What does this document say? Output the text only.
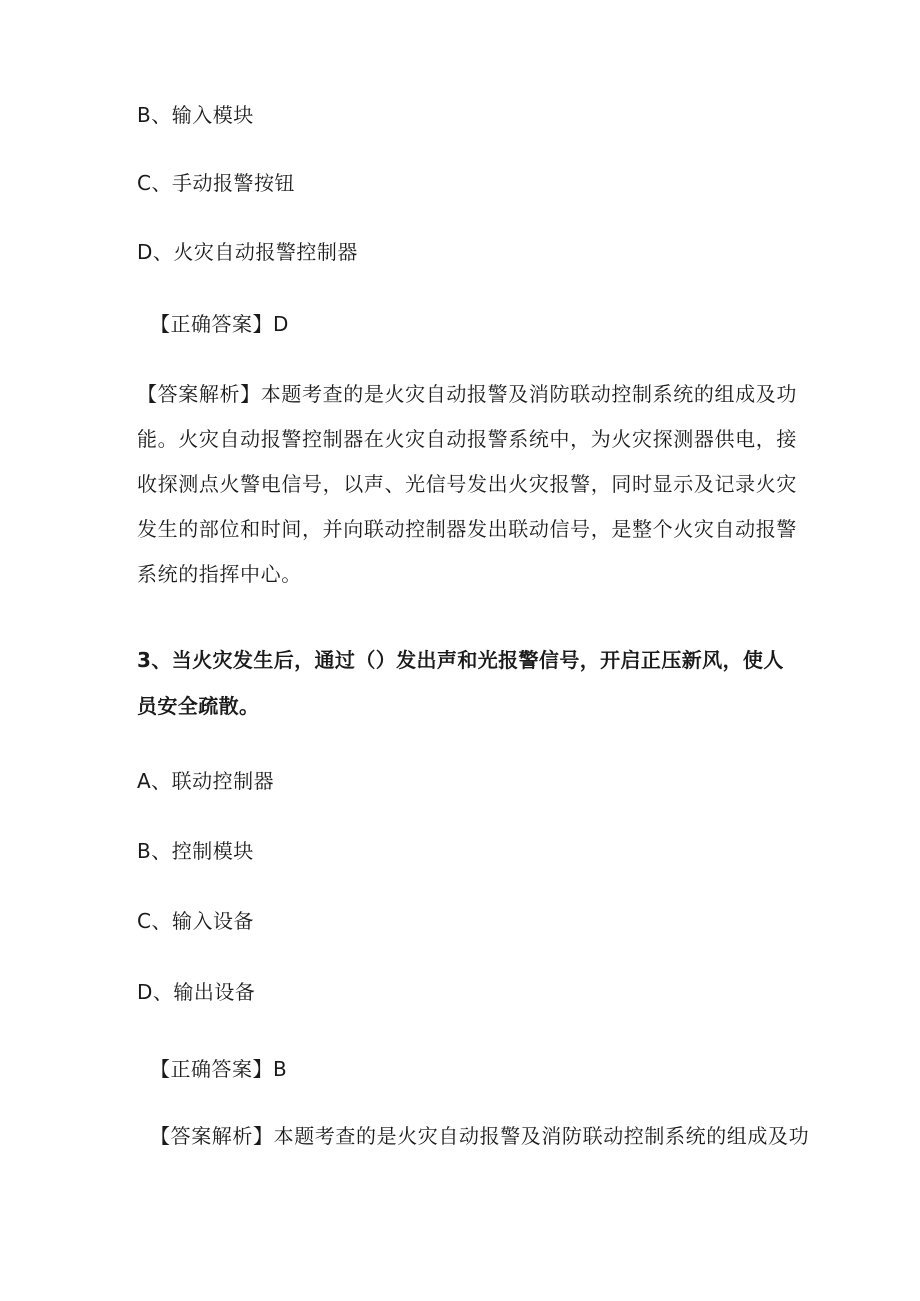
B、输入模块
C、手动报警按钮
D、火灾自动报警控制器
【正确答案】D
【答案解析】本题考查的是火灾自动报警及消防联动控制系统的组成及功能。火灾自动报警控制器在火灾自动报警系统中，为火灾探测器供电，接收探测点火警电信号，以声、光信号发出火灾报警，同时显示及记录火灾发生的部位和时间，并向联动控制器发出联动信号，是整个火灾自动报警系统的指挥中心。
3、当火灾发生后，通过（）发出声和光报警信号，开启正压新风，使人员安全疏散。
A、联动控制器
B、控制模块
C、输入设备
D、输出设备
【正确答案】B
【答案解析】本题考查的是火灾自动报警及消防联动控制系统的组成及功
